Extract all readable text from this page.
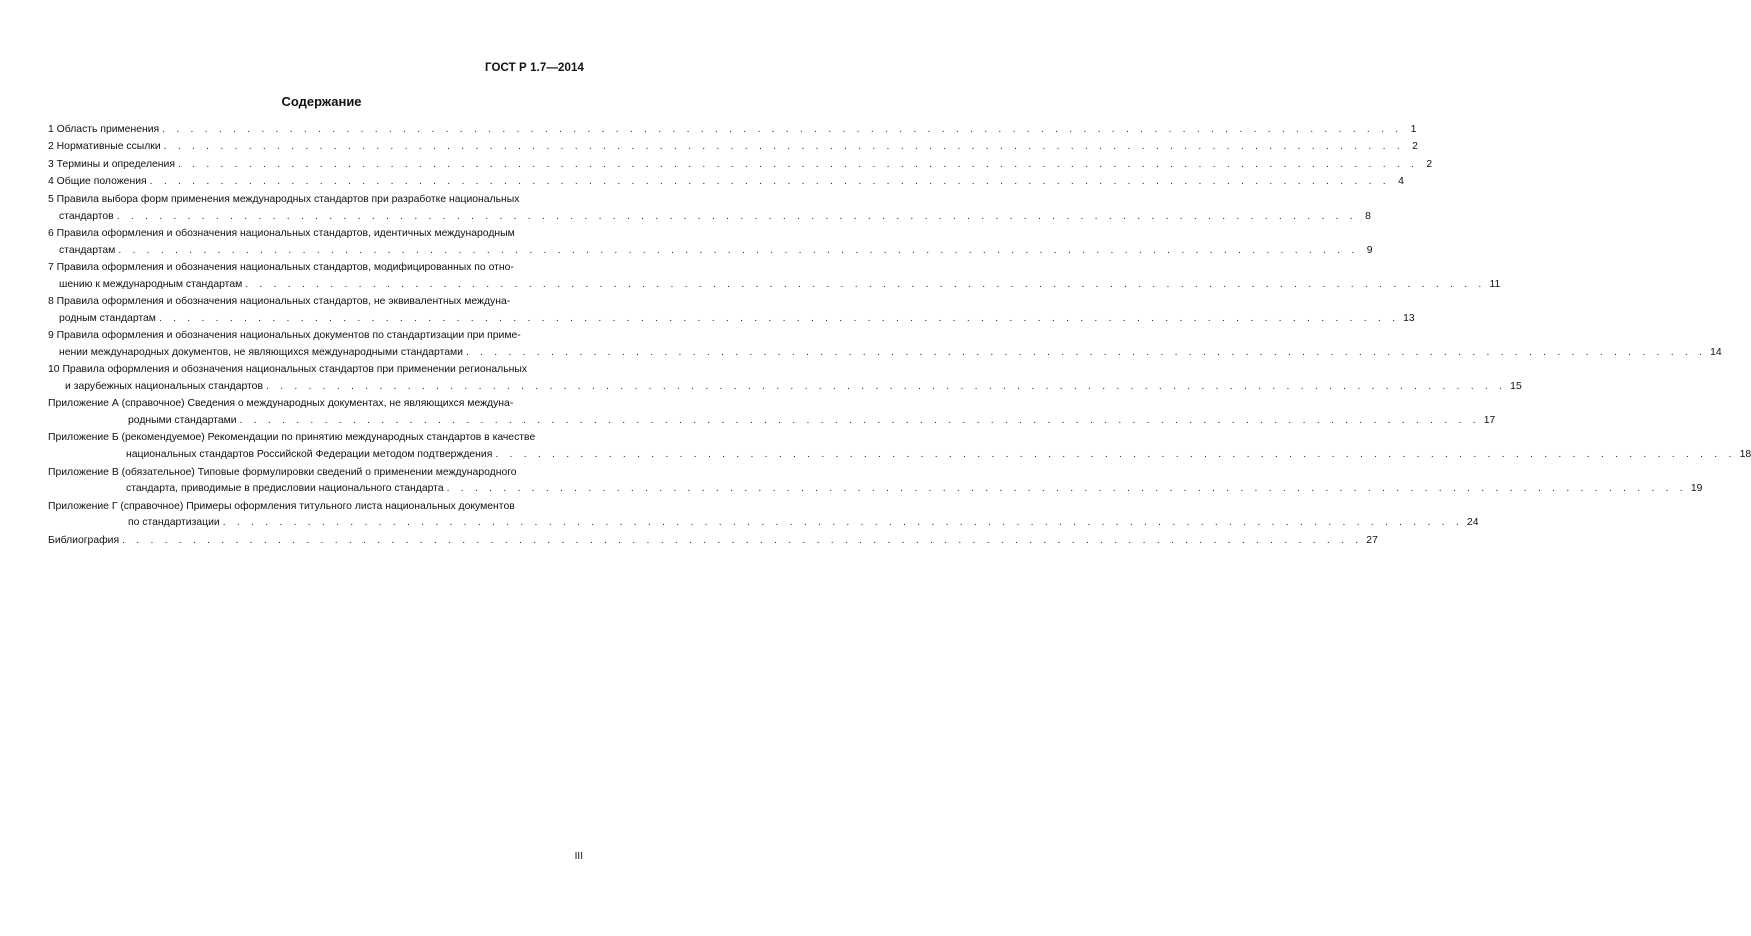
ГОСТ Р 1.7—2014
Содержание
1 Область применения . . . . . . . . . . . . . . . . . . . . . . . . . . . . . . . . . . . . . . . . . . . . . . . . . . . . . . . . . . . . . . . . . . . . . . . . . . . . . . . . . . . . . . . . 1
2 Нормативные ссылки . . . . . . . . . . . . . . . . . . . . . . . . . . . . . . . . . . . . . . . . . . . . . . . . . . . . . . . . . . . . . . . . . . . . . . . . . . . . . . . . . . . . . . . . 2
3 Термины и определения . . . . . . . . . . . . . . . . . . . . . . . . . . . . . . . . . . . . . . . . . . . . . . . . . . . . . . . . . . . . . . . . . . . . . . . . . . . . . . . . . . . . . . . . 2
4 Общие положения . . . . . . . . . . . . . . . . . . . . . . . . . . . . . . . . . . . . . . . . . . . . . . . . . . . . . . . . . . . . . . . . . . . . . . . . . . . . . . . . . . . . . . . . 4
5 Правила выбора форм применения международных стандартов при разработке национальных
стандартов . . . . . . . . . . . . . . . . . . . . . . . . . . . . . . . . . . . . . . . . . . . . . . . . . . . . . . . . . . . . . . . . . . . . . . . . . . . . . . . . . . . . . . . . 8
6 Правила оформления и обозначения национальных стандартов, идентичных международным
стандартам . . . . . . . . . . . . . . . . . . . . . . . . . . . . . . . . . . . . . . . . . . . . . . . . . . . . . . . . . . . . . . . . . . . . . . . . . . . . . . . . . . . . . . . . 9
7 Правила оформления и обозначения национальных стандартов, модифицированных по отно-
шению к международным стандартам . . . . . . . . . . . . . . . . . . . . . . . . . . . . . . . . . . . . . . . . . . . . . . . . . . . . . . . . . . . . . . . . . . . . . . . . . . . . . . . . . . . . . . . . 11
8 Правила оформления и обозначения национальных стандартов, не эквивалентных междуна-
родным стандартам . . . . . . . . . . . . . . . . . . . . . . . . . . . . . . . . . . . . . . . . . . . . . . . . . . . . . . . . . . . . . . . . . . . . . . . . . . . . . . . . . . . . . . . . 13
9 Правила оформления и обозначения национальных документов по стандартизации при приме-
нении международных документов, не являющихся международными стандартами . . . . . . . . . . . . . . . . . . . . . . . . . . . . . . . . . . . . . . . . . . . . . . . . . . . . . . . . . . . . . . . . . . . . . . . . . . . . . . . . . . . . . . . . 14
10 Правила оформления и обозначения национальных стандартов при применении региональных
и зарубежных национальных стандартов . . . . . . . . . . . . . . . . . . . . . . . . . . . . . . . . . . . . . . . . . . . . . . . . . . . . . . . . . . . . . . . . . . . . . . . . . . . . . . . . . . . . . . . . 15
Приложение А (справочное) Сведения о международных документах, не являющихся междуна-
родными стандартами . . . . . . . . . . . . . . . . . . . . . . . . . . . . . . . . . . . . . . . . . . . . . . . . . . . . . . . . . . . . . . . . . . . . . . . . . . . . . . . . . . . . . . . . 17
Приложение Б (рекомендуемое) Рекомендации по принятию международных стандартов в качестве
национальных стандартов Российской Федерации методом подтверждения . . . . . . . . . . . . . . . . . . . . . . . . . . . . . . . . . . . . . . . . . . . . . . . . . . . . . . . . . . . . . . . . . . . . . . . . . . . . . . . . . . . . . . . . 18
Приложение В (обязательное) Типовые формулировки сведений о применении международного
стандарта, приводимые в предисловии национального стандарта . . . . . . . . . . . . . . . . . . . . . . . . . . . . . . . . . . . . . . . . . . . . . . . . . . . . . . . . . . . . . . . . . . . . . . . . . . . . . . . . . . . . . . . . 19
Приложение Г (справочное) Примеры оформления титульного листа национальных документов
по стандартизации . . . . . . . . . . . . . . . . . . . . . . . . . . . . . . . . . . . . . . . . . . . . . . . . . . . . . . . . . . . . . . . . . . . . . . . . . . . . . . . . . . . . . . . . 24
Библиография . . . . . . . . . . . . . . . . . . . . . . . . . . . . . . . . . . . . . . . . . . . . . . . . . . . . . . . . . . . . . . . . . . . . . . . . . . . . . . . . . . . . . . . . 27
III
